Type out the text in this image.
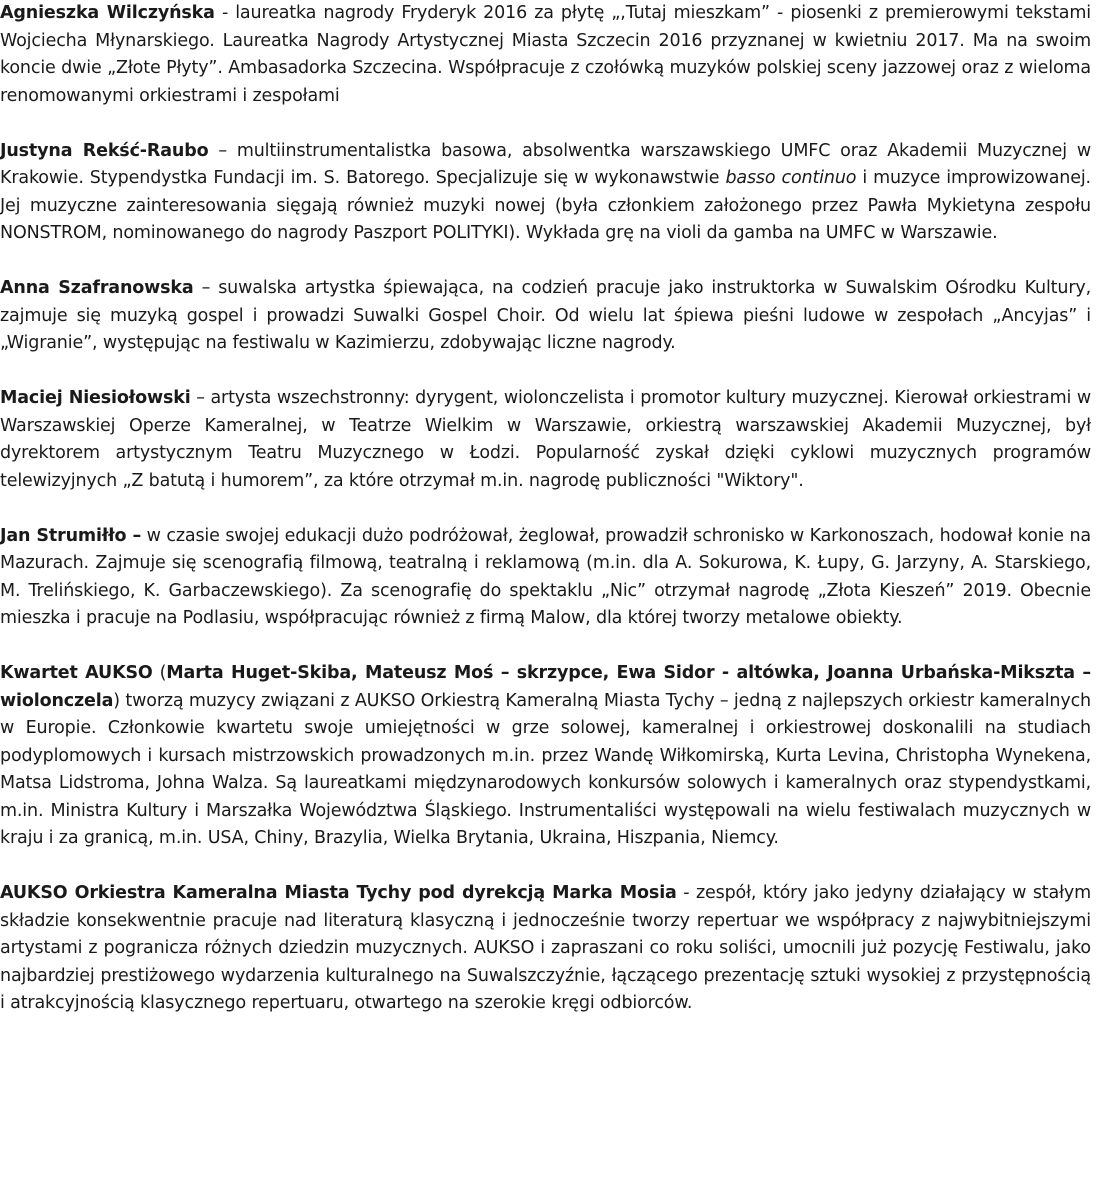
Agnieszka Wilczyńska - laureatka nagrody Fryderyk 2016 za płytę „,Tutaj mieszkam” - piosenki z premierowymi tekstami Wojciecha Młynarskiego. Laureatka Nagrody Artystycznej Miasta Szczecin 2016 przyznanej w kwietniu 2017. Ma na swoim koncie dwie „Złote Płyty”. Ambasadorka Szczecina. Współpracuje z czołówką muzyków polskiej sceny jazzowej oraz z wieloma renomowanymi orkiestrami i zespołami

Justyna Rekść-Raubo – multiinstrumentalistka basowa, absolwentka warszawskiego UMFC oraz Akademii Muzycznej w Krakowie. Stypendystka Fundacji im. S. Batorego. Specjalizuje się w wykonawstwie basso continuo i muzyce improwizowanej. Jej muzyczne zainteresowania sięgają również muzyki nowej (była członkiem założonego przez Pawła Mykietyna zespołu NONSTROM, nominowanego do nagrody Paszport POLITYKI). Wykłada grę na violi da gamba na UMFC w Warszawie.

Anna Szafranowska – suwalska artystka śpiewająca, na codzień pracuje jako instruktorka w Suwalskim Ośrodku Kultury, zajmuje się muzyką gospel i prowadzi Suwalki Gospel Choir. Od wielu lat śpiewa pieśni ludowe w zespołach „Ancyjas” i „Wigranie”, występując na festiwalu w Kazimierzu, zdobywając liczne nagrody.

Maciej Niesiołowski – artysta wszechstronny: dyrygent, wiolonczelista i promotor kultury muzycznej. Kierował orkiestrami w Warszawskiej Operze Kameralnej, w Teatrze Wielkim w Warszawie, orkiestrą warszawskiej Akademii Muzycznej, był dyrektorem artystycznym Teatru Muzycznego w Łodzi. Popularność zyskał dzięki cyklowi muzycznych programów telewizyjnych „Z batutą i humorem”, za które otrzymał m.in. nagrodę publiczności "Wiktory".

Jan Strumiłło – w czasie swojej edukacji dużo podróżował, żeglował, prowadził schronisko w Karkonoszach, hodował konie na Mazurach. Zajmuje się scenografią filmową, teatralną i reklamową (m.in. dla A. Sokurowa, K. Łupy, G. Jarzyny, A. Starskiego, M. Trelińskiego, K. Garbaczewskiego). Za scenografię do spektaklu „Nic” otrzymał nagrodę „Złota Kieszeń” 2019. Obecnie mieszka i pracuje na Podlasiu, współpracując również z firmą Malow, dla której tworzy metalowe obiekty.

Kwartet AUKSO (Marta Huget-Skiba, Mateusz Moś – skrzypce, Ewa Sidor - altówka, Joanna Urbańska-Mikszta – wiolonczela) tworzą muzycy związani z AUKSO Orkiestrą Kameralną Miasta Tychy – jedną z najlepszych orkiestr kameralnych w Europie. Członkowie kwartetu swoje umiejętności w grze solowej, kameralnej i orkiestrowej doskonalili na studiach podyplomowych i kursach mistrzowskich prowadzonych m.in. przez Wandę Wiłkomirską, Kurta Levina, Christopha Wynekena, Matsa Lidstroma, Johna Walza. Są laureatkami międzynarodowych konkursów solowych i kameralnych oraz stypendystkami, m.in. Ministra Kultury i Marszałka Województwa Śląskiego. Instrumentaliści występowali na wielu festiwalach muzycznych w kraju i za granicą, m.in. USA, Chiny, Brazylia, Wielka Brytania, Ukraina, Hiszpania, Niemcy.

AUKSO Orkiestra Kameralna Miasta Tychy pod dyrekcją Marka Mosia - zespół, który jako jedyny działający w stałym składzie konsekwentnie pracuje nad literaturą klasyczną i jednocześnie tworzy repertuar we współpracy z najwybitniejszymi artystami z pogranicza różnych dziedzin muzycznych. AUKSO i zapraszani co roku soliści, umocnili już pozycję Festiwalu, jako najbardziej prestiżowego wydarzenia kulturalnego na Suwalszczyźnie, łączącego prezentację sztuki wysokiej z przystępnością i atrakcyjnością klasycznego repertuaru, otwartego na szerokie kręgi odbiorców.
